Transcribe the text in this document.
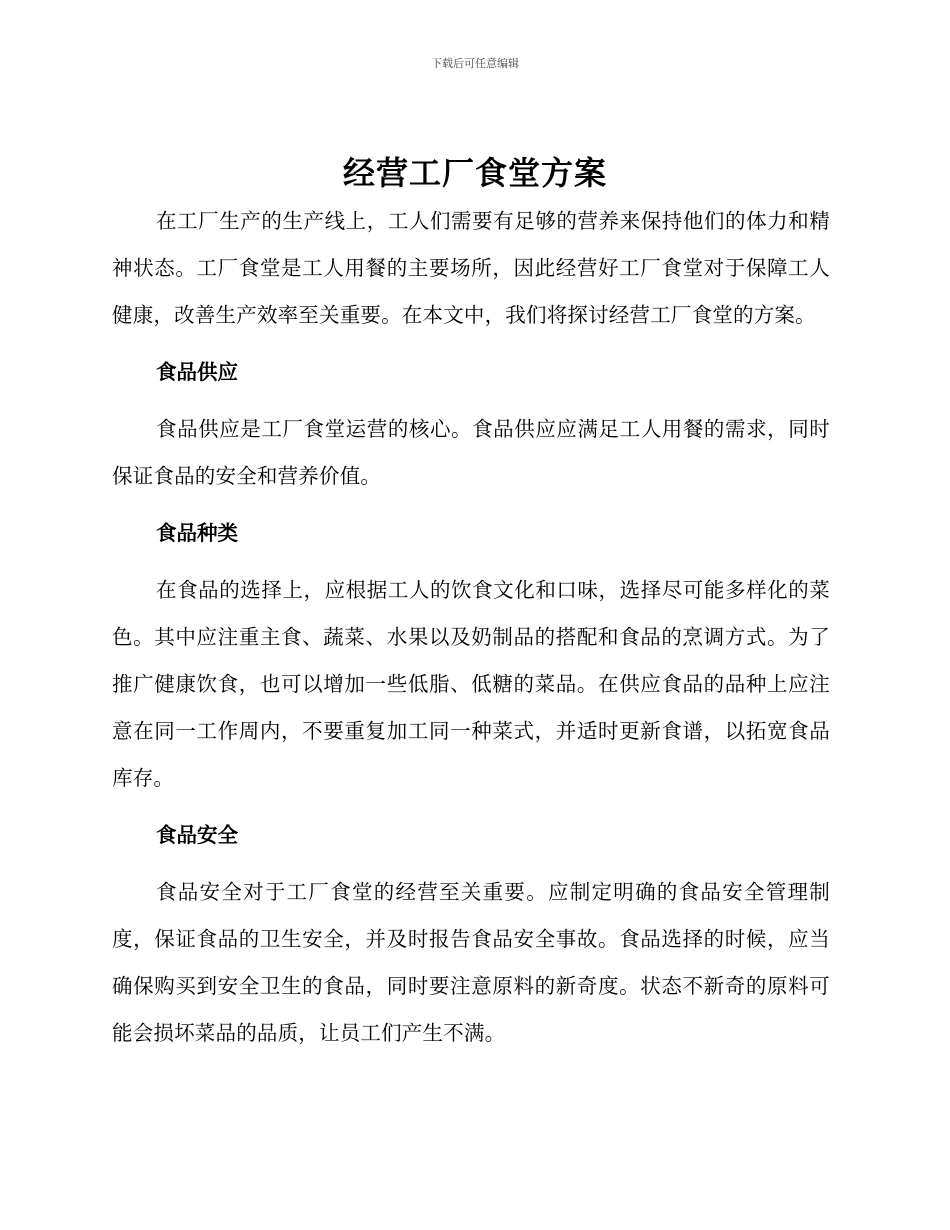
下载后可任意编辑
经营工厂食堂方案

在工厂生产的生产线上，工人们需要有足够的营养来保持他们的体力和精神状态。工厂食堂是工人用餐的主要场所，因此经营好工厂食堂对于保障工人健康，改善生产效率至关重要。在本文中，我们将探讨经营工厂食堂的方案。

食品供应

食品供应是工厂食堂运营的核心。食品供应应满足工人用餐的需求，同时保证食品的安全和营养价值。

食品种类

在食品的选择上，应根据工人的饮食文化和口味，选择尽可能多样化的菜色。其中应注重主食、蔬菜、水果以及奶制品的搭配和食品的烹调方式。为了推广健康饮食，也可以增加一些低脂、低糖的菜品。在供应食品的品种上应注意在同一工作周内，不要重复加工同一种菜式，并适时更新食谱，以拓宽食品库存。

食品安全

食品安全对于工厂食堂的经营至关重要。应制定明确的食品安全管理制度，保证食品的卫生安全，并及时报告食品安全事故。食品选择的时候，应当确保购买到安全卫生的食品，同时要注意原料的新奇度。状态不新奇的原料可能会损坏菜品的品质，让员工们产生不满。
